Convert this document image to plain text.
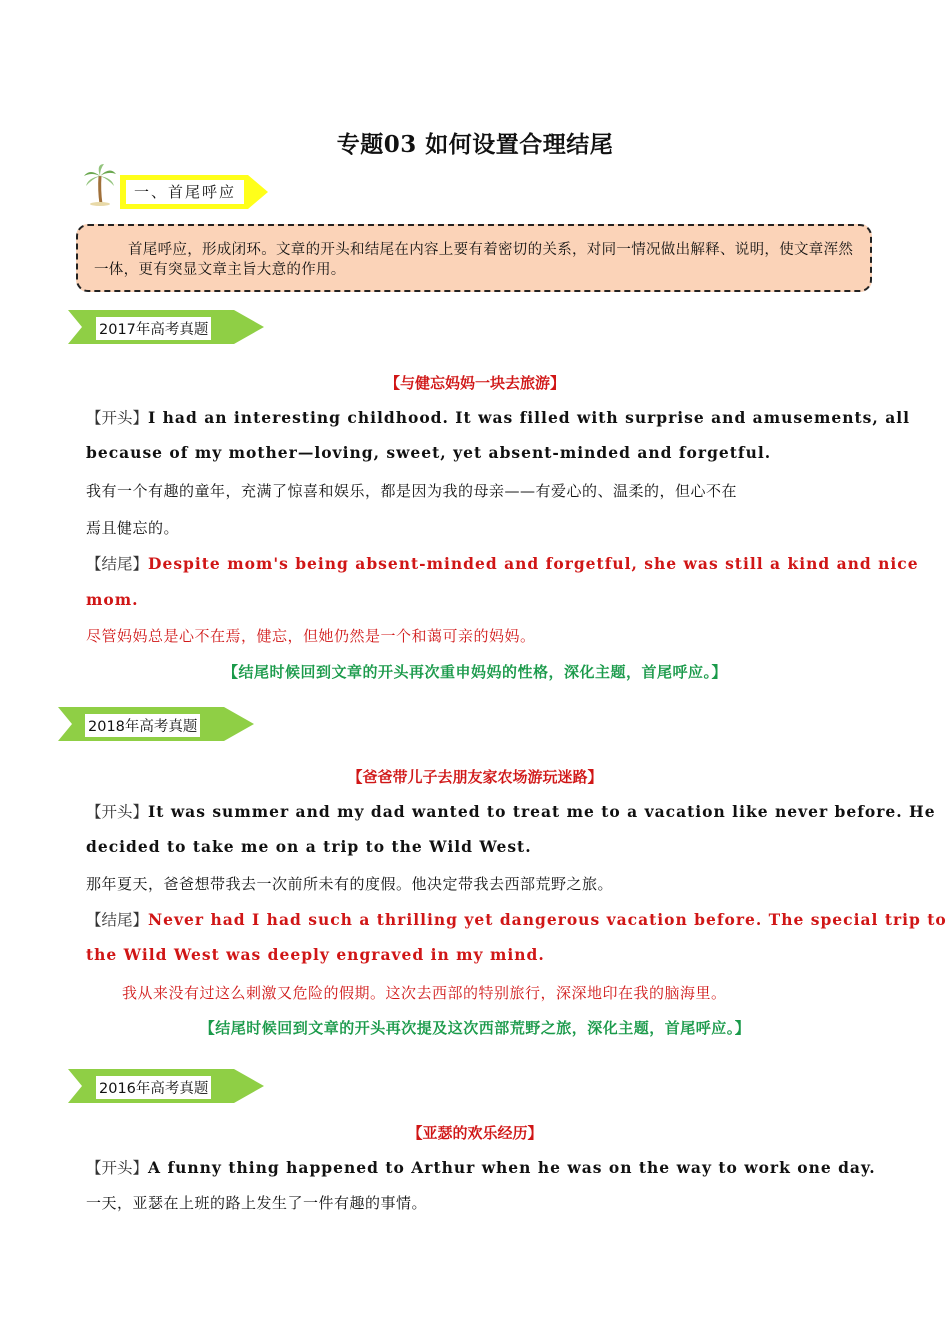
专题03 如何设置合理结尾
一、首尾呼应
首尾呼应，形成闭环。文章的开头和结尾在内容上要有着密切的关系，对同一情况做出解释、说明，使文章浑然一体，更有突显文章主旨大意的作用。
2017年高考真题
【与健忘妈妈一块去旅游】
【开头】I had an interesting childhood. It was filled with surprise and amusements, all
because of my mother—loving, sweet, yet absent-minded and forgetful.
我有一个有趣的童年，充满了惊喜和娱乐，都是因为我的母亲——有爱心的、温柔的，但心不在
焉且健忘的。
【结尾】Despite mom's being absent-minded and forgetful, she was still a kind and nice
mom.
尽管妈妈总是心不在焉，健忘，但她仍然是一个和蔼可亲的妈妈。
【结尾时候回到文章的开头再次重申妈妈的性格，深化主题，首尾呼应。】
2018年高考真题
【爸爸带儿子去朋友家农场游玩迷路】
【开头】It was summer and my dad wanted to treat me to a vacation like never before. He
decided to take me on a trip to the Wild West.
那年夏天，爸爸想带我去一次前所未有的度假。他决定带我去西部荒野之旅。
【结尾】Never had I had such a thrilling yet dangerous vacation before. The special trip to
the Wild West was deeply engraved in my mind.
我从来没有过这么刺激又危险的假期。这次去西部的特别旅行，深深地印在我的脑海里。
【结尾时候回到文章的开头再次提及这次西部荒野之旅，深化主题，首尾呼应。】
2016年高考真题
【亚瑟的欢乐经历】
【开头】A funny thing happened to Arthur when he was on the way to work one day.
一天，亚瑟在上班的路上发生了一件有趣的事情。
